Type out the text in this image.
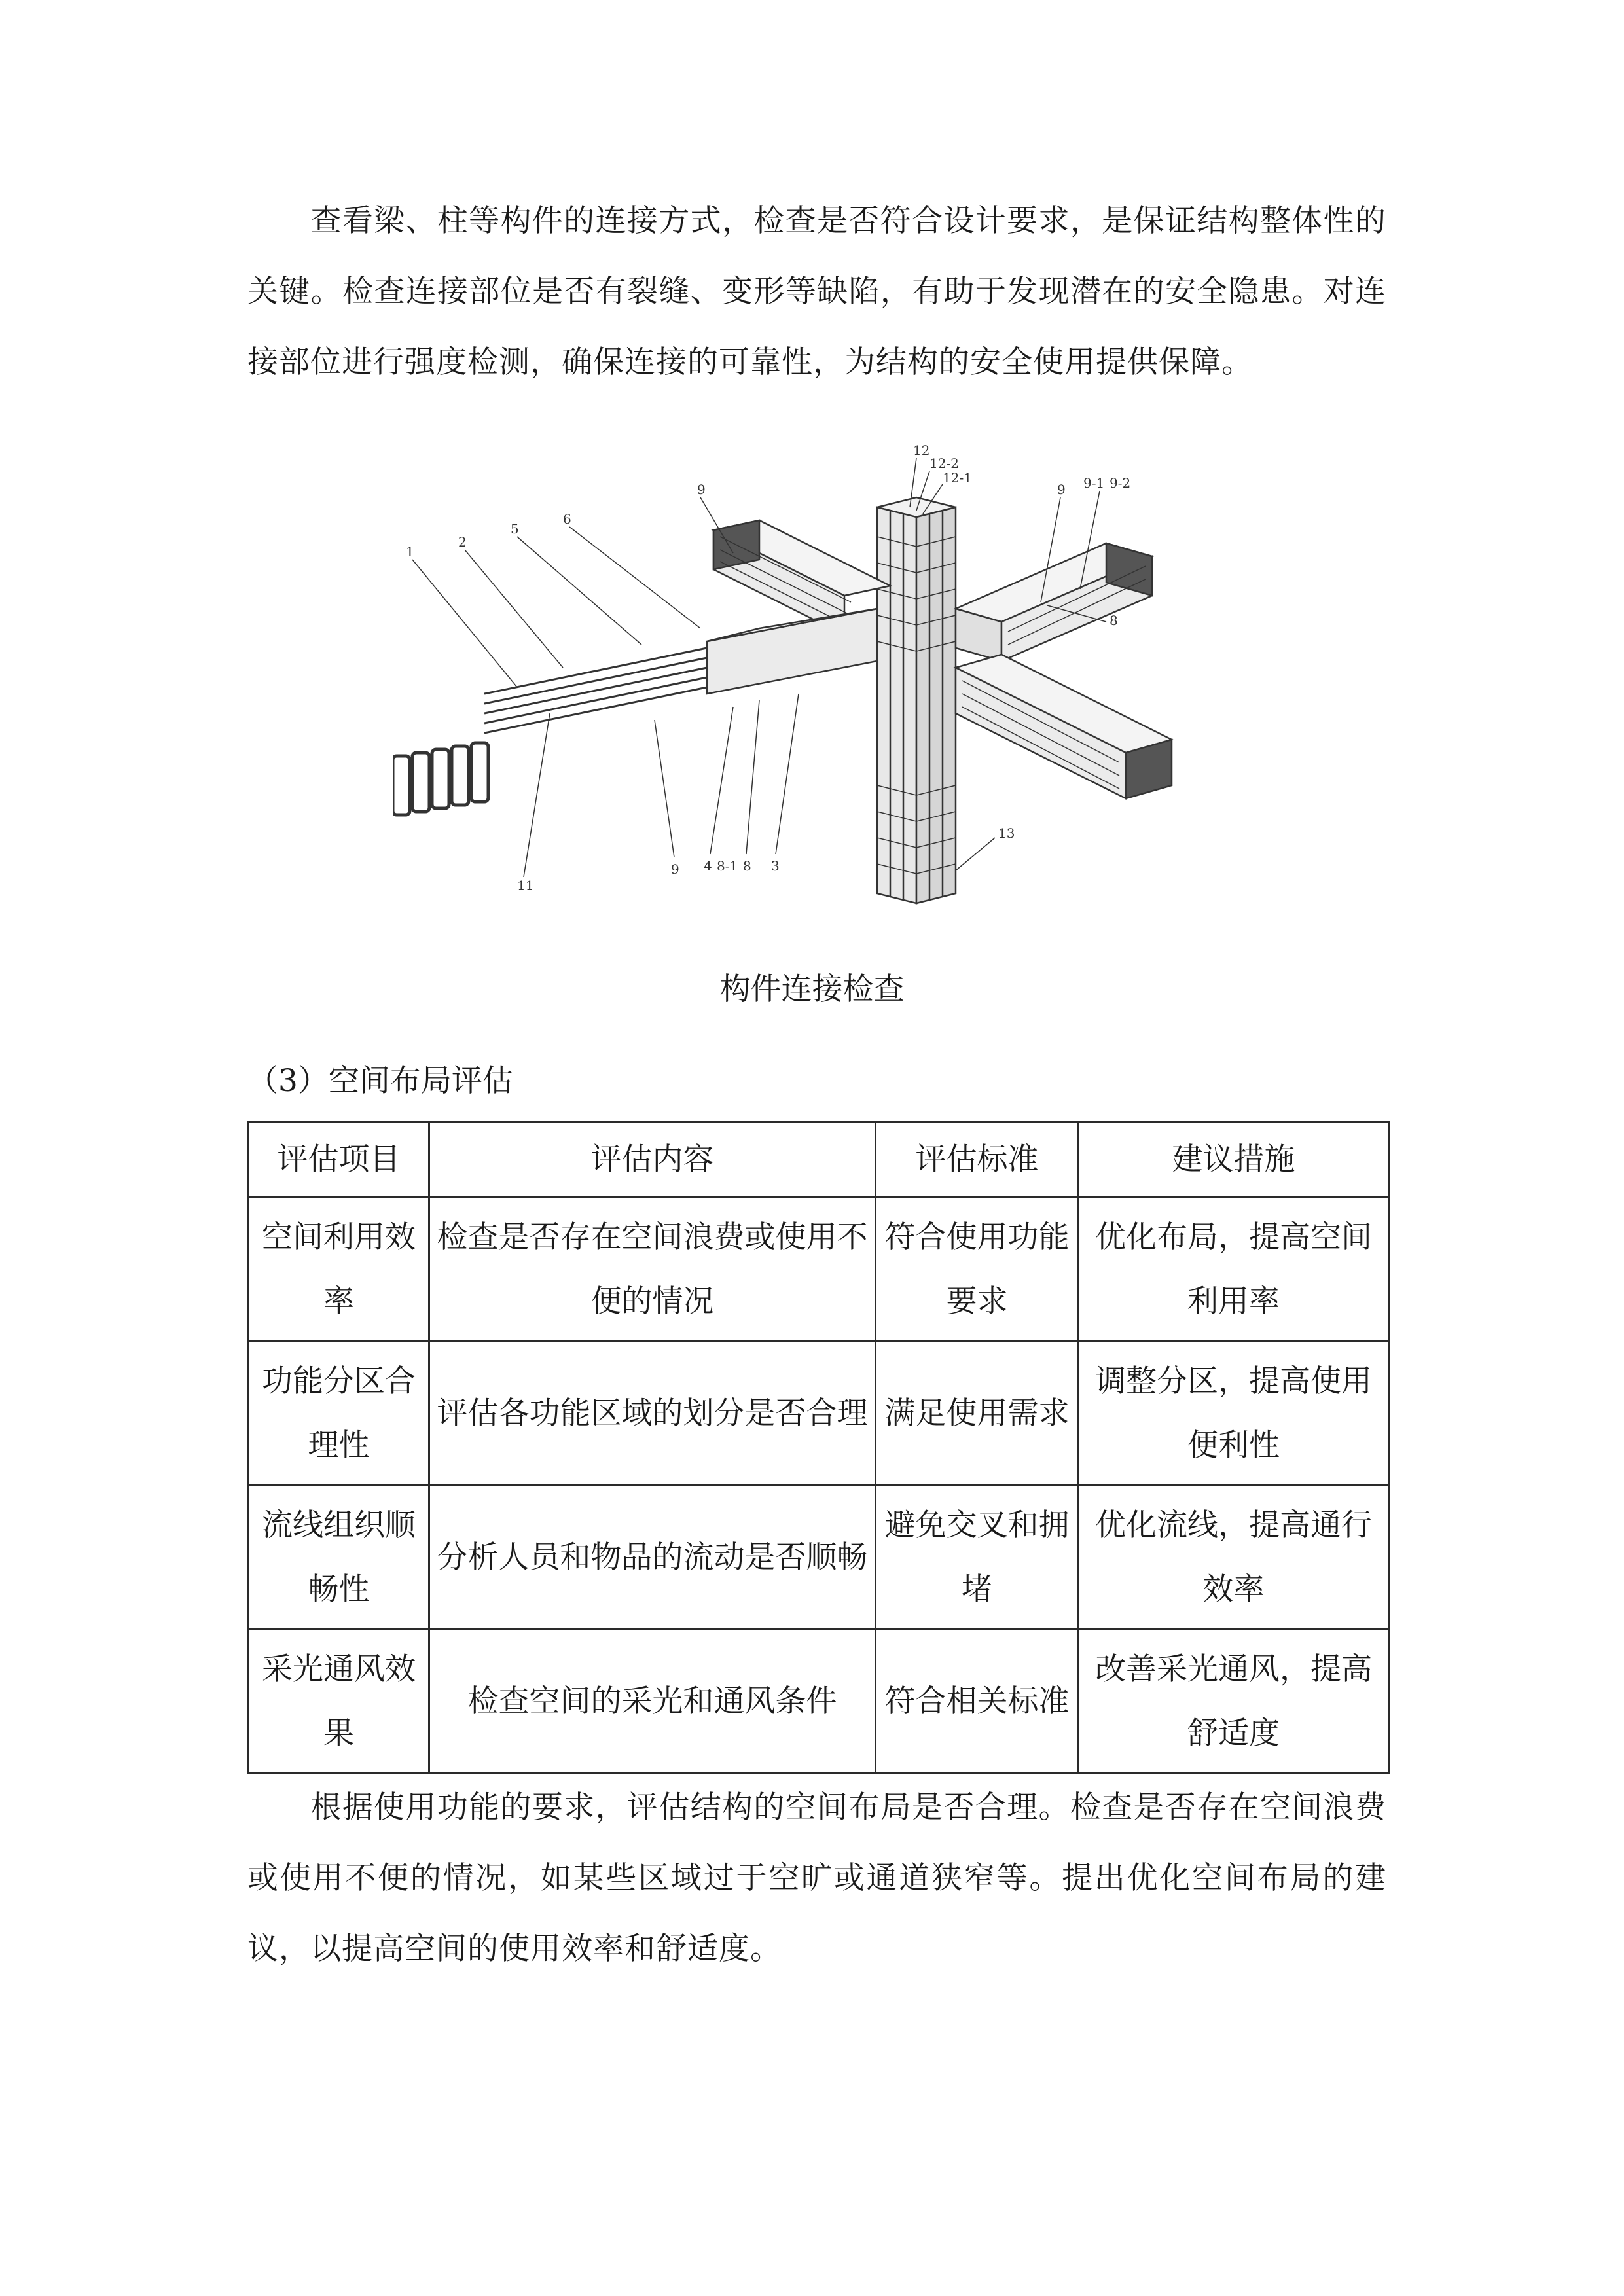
查看梁、柱等构件的连接方式，检查是否符合设计要求，是保证结构整体性的关键。检查连接部位是否有裂缝、变形等缺陷，有助于发现潜在的安全隐患。对连接部位进行强度检测，确保连接的可靠性，为结构的安全使用提供保障。

1
2
5
6
9
12
12-2
12-1
9 9-1 9-2
8
13
3
8
8-1
4
9
11
构件连接检查
（3）空间布局评估
评估项目	评估内容	评估标准	建议措施
空间利用效率	检查是否存在空间浪费或使用不便的情况	符合使用功能要求	优化布局，提高空间利用率
功能分区合理性	评估各功能区域的划分是否合理	满足使用需求	调整分区，提高使用便利性
流线组织顺畅性	分析人员和物品的流动是否顺畅	避免交叉和拥堵	优化流线，提高通行效率
采光通风效果	检查空间的采光和通风条件	符合相关标准	改善采光通风，提高舒适度

根据使用功能的要求，评估结构的空间布局是否合理。检查是否存在空间浪费或使用不便的情况，如某些区域过于空旷或通道狭窄等。提出优化空间布局的建议，以提高空间的使用效率和舒适度。
